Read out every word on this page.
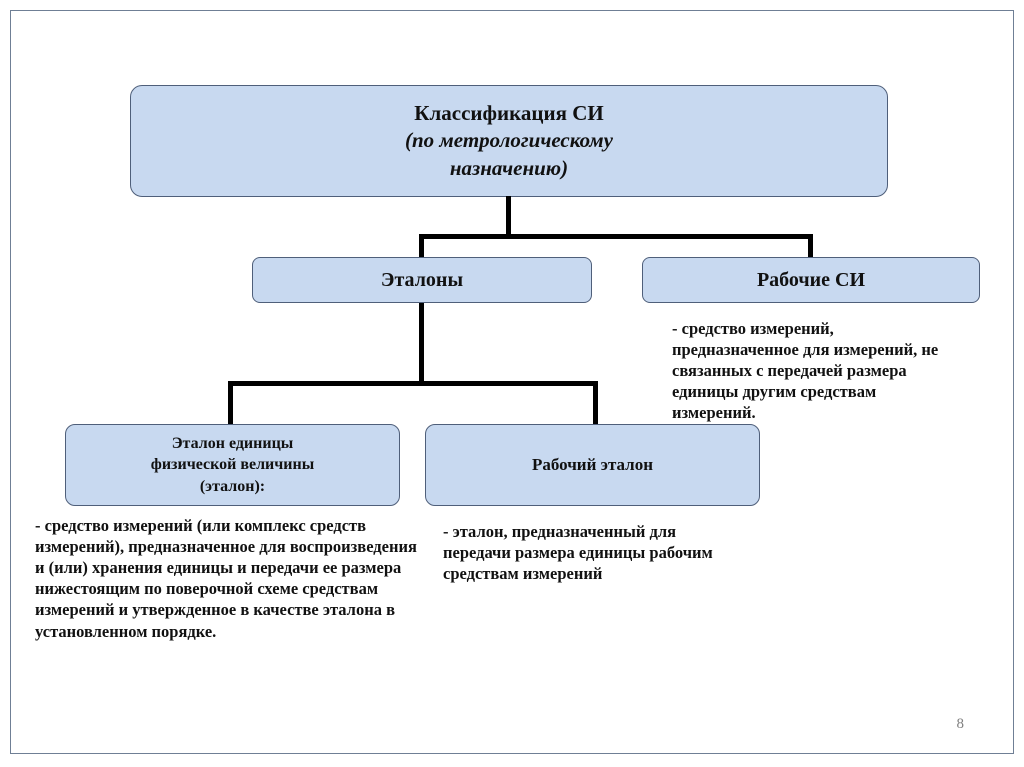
Классификация СИ
(по метрологическому назначению)
Эталоны	Рабочие СИ
- средство измерений, предназначенное для измерений, не связанных с передачей размера единицы другим средствам измерений.
Эталон единицы физической величины (эталон):
Рабочий эталон
- средство измерений (или комплекс средств измерений), предназначенное для воспроизведения и (или) хранения единицы и передачи ее размера нижестоящим по поверочной схеме средствам измерений и утвержденное в качестве эталона в установленном порядке.
- эталон, предназначенный для передачи размера единицы рабочим средствам измерений
8
